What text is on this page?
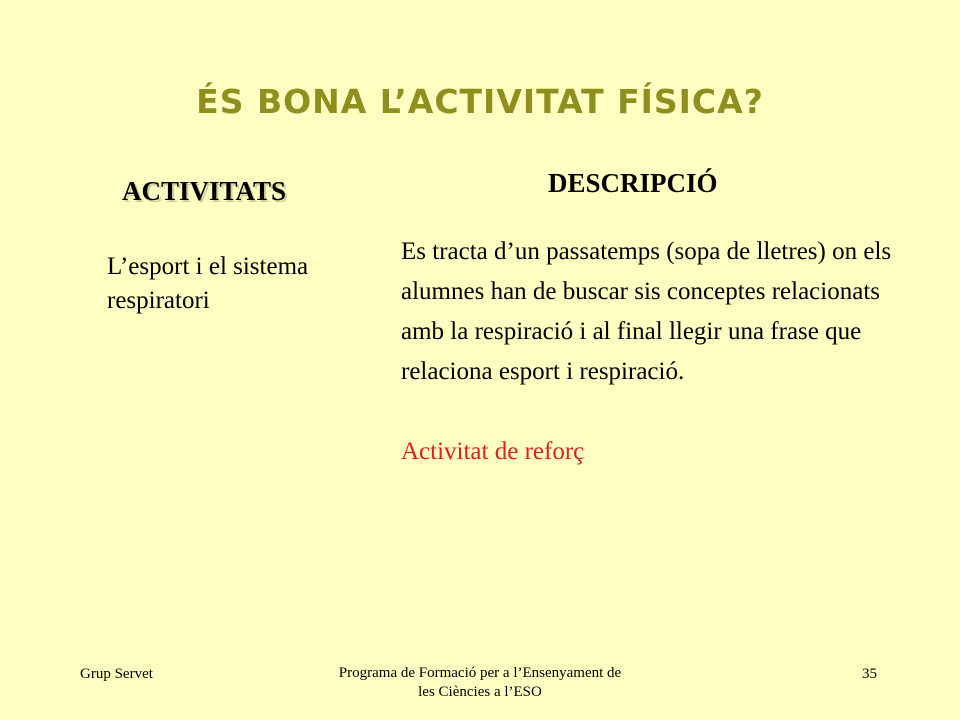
ÉS BONA L’ACTIVITAT FÍSICA?
ACTIVITATS	DESCRIPCIÓ

L’esport i el sistema respiratori

Es tracta d’un passatemps (sopa de lletres) on els alumnes han de buscar sis conceptes relacionats amb la respiració i al final llegir una frase que relaciona esport i respiració.

Activitat de reforç

Grup Servet	Programa de Formació per a l’Ensenyament de les Ciències a l’ESO
35
